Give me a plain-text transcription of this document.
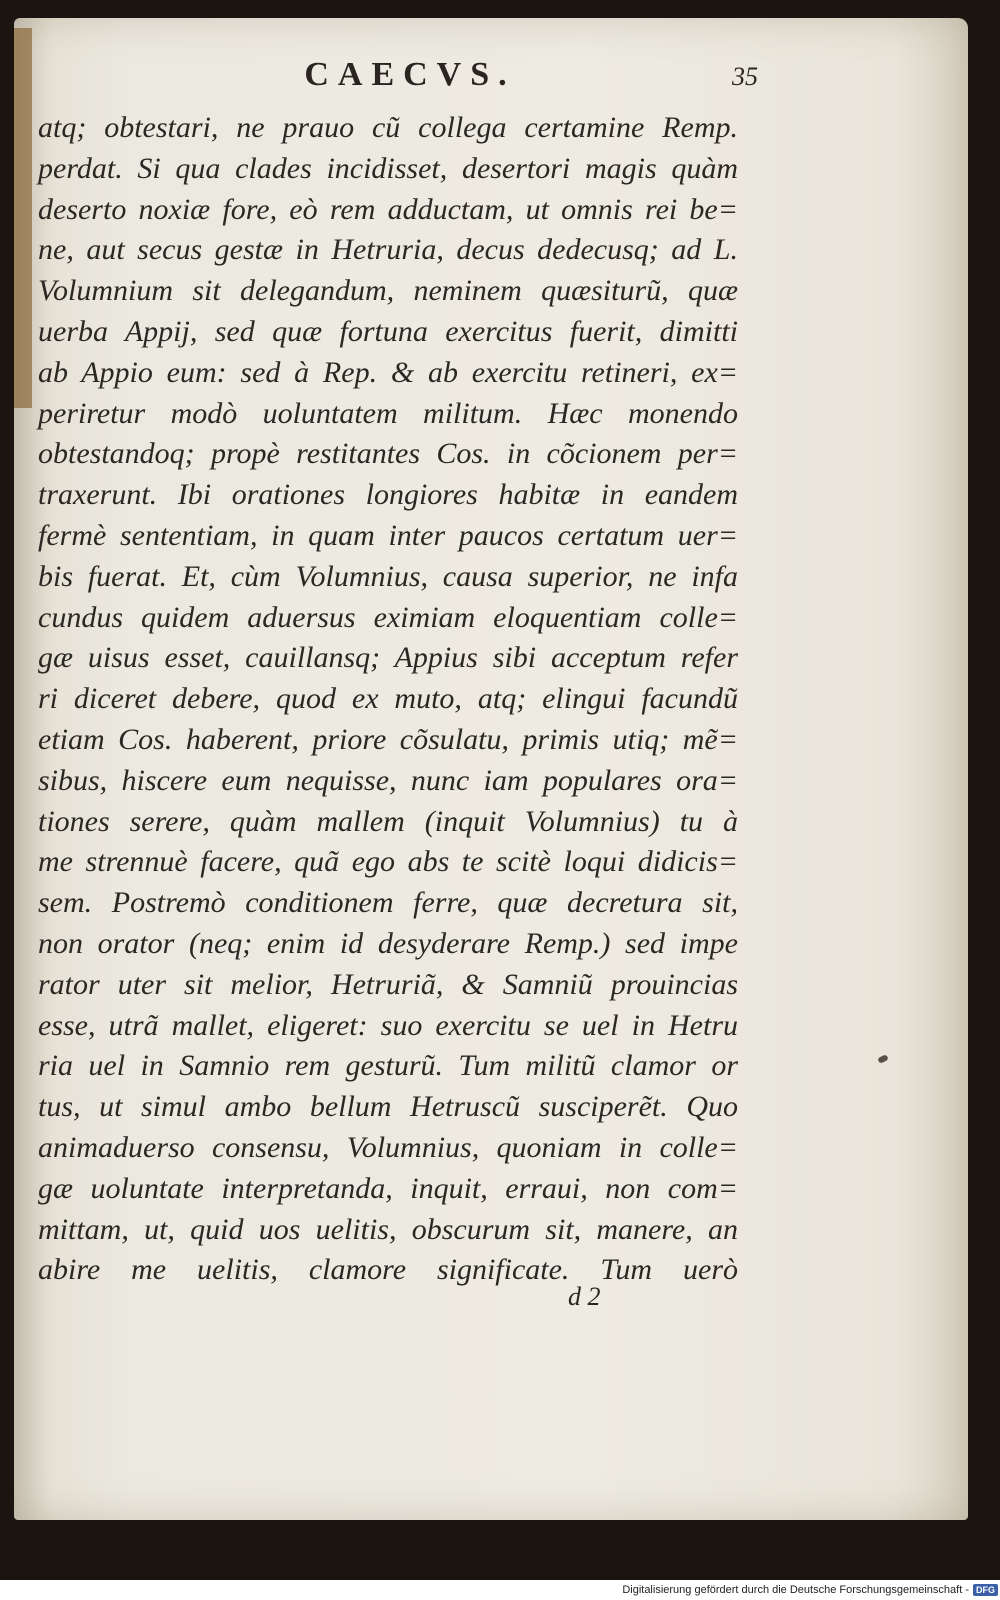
CAECVS.	35

atq; obtestari, ne prauo cũ collega certamine Remp.
perdat. Si qua clades incidisset, desertori magis quàm
deserto noxiæ fore, eò rem adductam, ut omnis rei be=
ne, aut secus gestæ in Hetruria, decus dedecusq; ad L.
Volumnium sit delegandum, neminem quæsiturũ, quæ
uerba Appij, sed quæ fortuna exercitus fuerit, dimitti
ab Appio eum: sed à Rep. & ab exercitu retineri, ex=
periretur modò uoluntatem militum. Hæc monendo
obtestandoq; propè restitantes Cos. in cõcionem per=
traxerunt. Ibi orationes longiores habitæ in eandem
fermè sententiam, in quam inter paucos certatum uer=
bis fuerat. Et, cùm Volumnius, causa superior, ne infa
cundus quidem aduersus eximiam eloquentiam colle=
gæ uisus esset, cauillansq; Appius sibi acceptum refer
ri diceret debere, quod ex muto, atq; elingui facundũ
etiam Cos. haberent, priore cõsulatu, primis utiq; mẽ=
sibus, hiscere eum nequisse, nunc iam populares ora=
tiones serere, quàm mallem (inquit Volumnius) tu à
me strennuè facere, quã ego abs te scitè loqui didicis=
sem. Postremò conditionem ferre, quæ decretura sit,
non orator (neq; enim id desyderare Remp.) sed impe
rator uter sit melior, Hetruriã, & Samniũ prouincias
esse, utrã mallet, eligeret: suo exercitu se uel in Hetru
ria uel in Samnio rem gesturũ. Tum militũ clamor or
tus, ut simul ambo bellum Hetruscũ susciperẽt. Quo
animaduerso consensu, Volumnius, quoniam in colle=
gæ uoluntate interpretanda, inquit, erraui, non com=
mittam, ut, quid uos uelitis, obscurum sit, manere, an
abire me uelitis, clamore significate. Tum uerò

d 2

Digitalisierung gefördert durch die Deutsche Forschungsgemeinschaft - DFG
